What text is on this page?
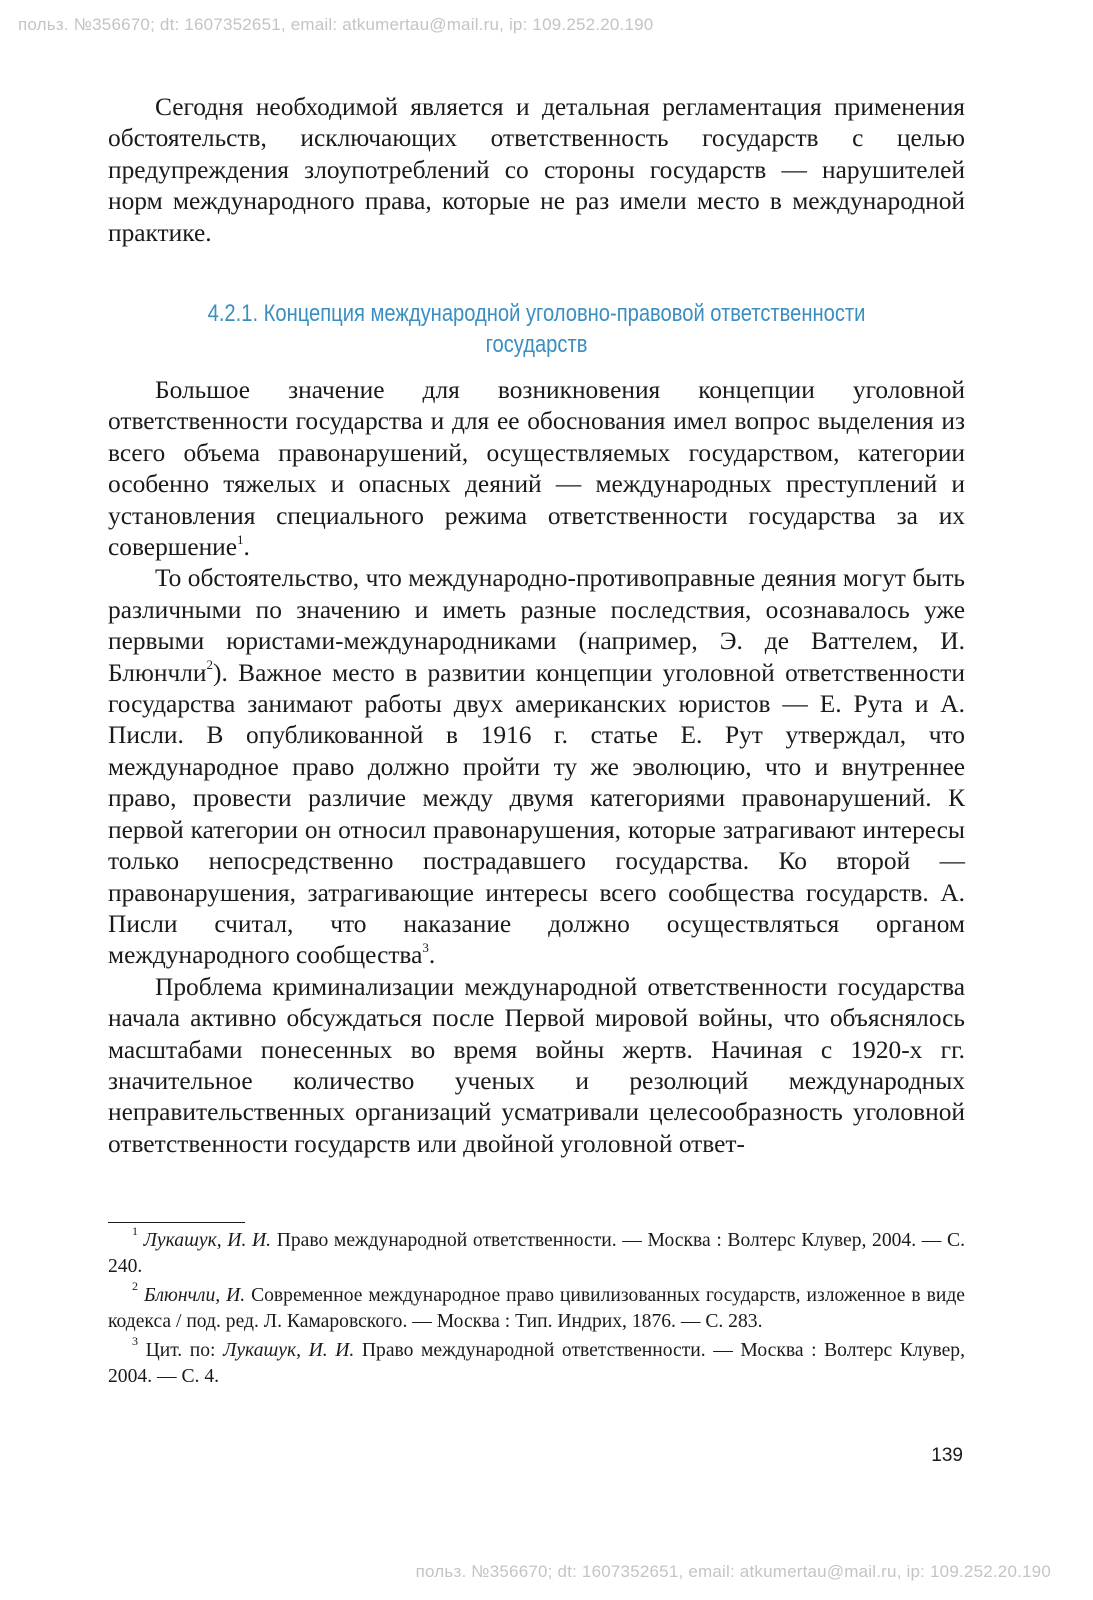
польз. №356670; dt: 1607352651, email: atkumertau@mail.ru, ip: 109.252.20.190

Сегодня необходимой является и детальная регламентация применения обстоятельств, исключающих ответственность государств с целью предупреждения злоупотреблений со стороны государств — нарушителей норм международного права, которые не раз имели место в международной практике.

4.2.1. Концепция международной уголовно-правовой ответственности
государств

Большое значение для возникновения концепции уголовной ответственности государства и для ее обоснования имел вопрос выделения из всего объема правонарушений, осуществляемых государством, категории особенно тяжелых и опасных деяний — международных преступлений и установления специального режима ответственности государства за их совершение$^1$.

То обстоятельство, что международно-противоправные деяния могут быть различными по значению и иметь разные последствия, осознавалось уже первыми юристами-международниками (например, Э. де Ваттелем, И. Блюнчли$^2$). Важное место в развитии концепции уголовной ответственности государства занимают работы двух американских юристов — Е. Рута и А. Писли. В опубликованной в 1916 г. статье Е. Рут утверждал, что международное право должно пройти ту же эволюцию, что и внутреннее право, провести различие между двумя категориями правонарушений. К первой категории он относил правонарушения, которые затрагивают интересы только непосредственно пострадавшего государства. Ко второй — правонарушения, затрагивающие интересы всего сообщества государств. А. Писли считал, что наказание должно осуществляться органом международного сообщества$^3$.

Проблема криминализации международной ответственности государства начала активно обсуждаться после Первой мировой войны, что объяснялось масштабами понесенных во время войны жертв. Начиная с 1920-х гг. значительное количество ученых и резолюций международных неправительственных организаций усматривали целесообразность уголовной ответственности государств или двойной уголовной ответ-

$^1$ Лукашук, И. И. Право международной ответственности. — Москва : Волтерс Клувер, 2004. — С. 240.

$^2$ Блюнчли, И. Современное международное право цивилизованных государств, изложенное в виде кодекса / под. ред. Л. Камаровского. — Москва : Тип. Индрих, 1876. — С. 283.

$^3$ Цит. по: Лукашук, И. И. Право международной ответственности. — Москва : Волтерс Клувер, 2004. — С. 4.

139
польз. №356670; dt: 1607352651, email: atkumertau@mail.ru, ip: 109.252.20.190
